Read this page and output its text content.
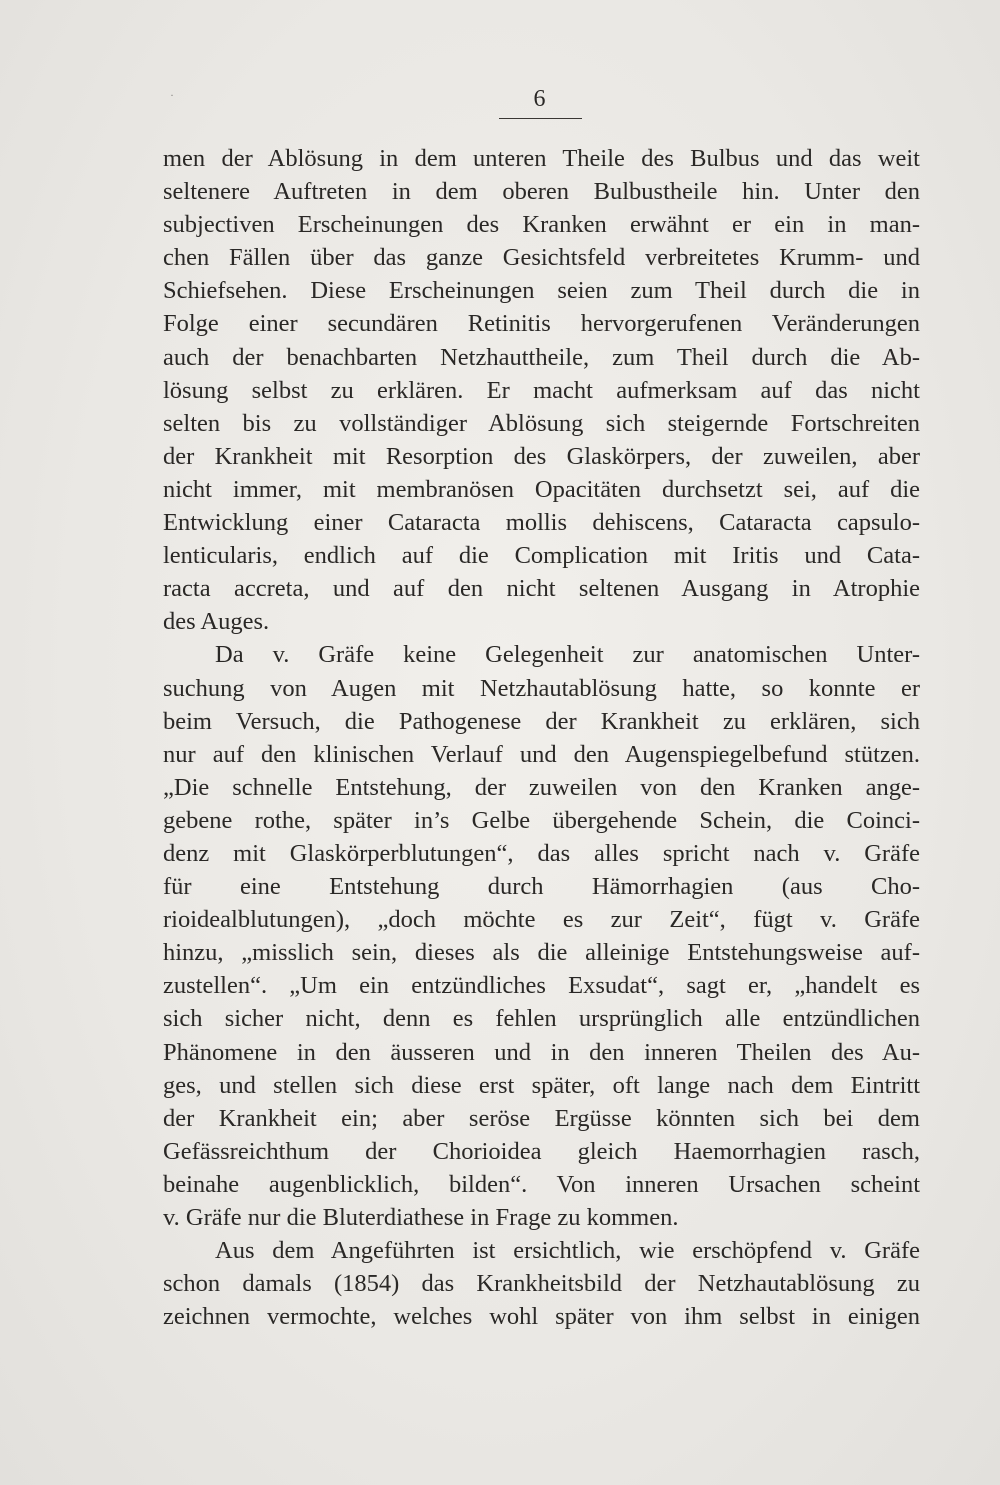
6
·
men der Ablösung in dem unteren Theile des Bulbus und das weit
seltenere Auftreten in dem oberen Bulbustheile hin. Unter den
subjectiven Erscheinungen des Kranken erwähnt er ein in man-
chen Fällen über das ganze Gesichtsfeld verbreitetes Krumm- und
Schiefsehen. Diese Erscheinungen seien zum Theil durch die in
Folge einer secundären Retinitis hervorgerufenen Veränderungen
auch der benachbarten Netzhauttheile, zum Theil durch die Ab-
lösung selbst zu erklären. Er macht aufmerksam auf das nicht
selten bis zu vollständiger Ablösung sich steigernde Fortschreiten
der Krankheit mit Resorption des Glaskörpers, der zuweilen, aber
nicht immer, mit membranösen Opacitäten durchsetzt sei, auf die
Entwicklung einer Cataracta mollis dehiscens, Cataracta capsulo-
lenticularis, endlich auf die Complication mit Iritis und Cata-
racta accreta, und auf den nicht seltenen Ausgang in Atrophie
des Auges.
Da v. Gräfe keine Gelegenheit zur anatomischen Unter-
suchung von Augen mit Netzhautablösung hatte, so konnte er
beim Versuch, die Pathogenese der Krankheit zu erklären, sich
nur auf den klinischen Verlauf und den Augenspiegelbefund stützen.
„Die schnelle Entstehung, der zuweilen von den Kranken ange-
gebene rothe, später in’s Gelbe übergehende Schein, die Coinci-
denz mit Glaskörperblutungen“, das alles spricht nach v. Gräfe
für eine Entstehung durch Hämorrhagien (aus Cho-
rioidealblutungen), „doch möchte es zur Zeit“, fügt v. Gräfe
hinzu, „misslich sein, dieses als die alleinige Entstehungsweise auf-
zustellen“. „Um ein entzündliches Exsudat“, sagt er, „handelt es
sich sicher nicht, denn es fehlen ursprünglich alle entzündlichen
Phänomene in den äusseren und in den inneren Theilen des Au-
ges, und stellen sich diese erst später, oft lange nach dem Eintritt
der Krankheit ein; aber seröse Ergüsse könnten sich bei dem
Gefässreichthum der Chorioidea gleich Haemorrhagien rasch,
beinahe augenblicklich, bilden“. Von inneren Ursachen scheint
v. Gräfe nur die Bluterdiathese in Frage zu kommen.
Aus dem Angeführten ist ersichtlich, wie erschöpfend v. Gräfe
schon damals (1854) das Krankheitsbild der Netzhautablösung zu
zeichnen vermochte, welches wohl später von ihm selbst in einigen
